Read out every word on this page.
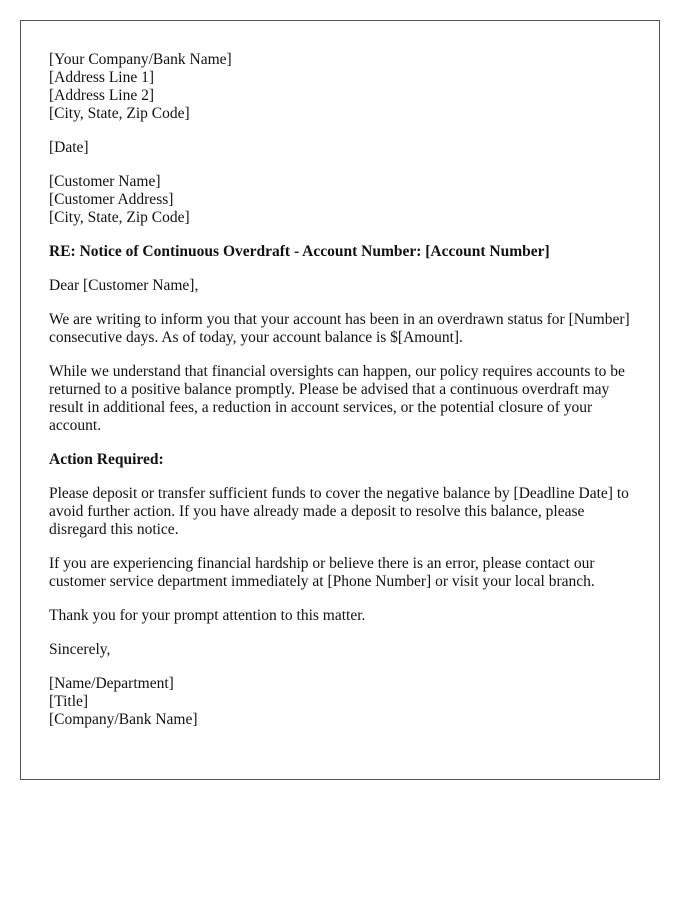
[Your Company/Bank Name]
[Address Line 1]
[Address Line 2]
[City, State, Zip Code]
[Date]
[Customer Name]
[Customer Address]
[City, State, Zip Code]

RE: Notice of Continuous Overdraft - Account Number: [Account Number]

Dear [Customer Name],

We are writing to inform you that your account has been in an overdrawn status for [Number] consecutive days. As of today, your account balance is $[Amount].

While we understand that financial oversights can happen, our policy requires accounts to be returned to a positive balance promptly. Please be advised that a continuous overdraft may result in additional fees, a reduction in account services, or the potential closure of your account.

Action Required:

Please deposit or transfer sufficient funds to cover the negative balance by [Deadline Date] to avoid further action. If you have already made a deposit to resolve this balance, please disregard this notice.

If you are experiencing financial hardship or believe there is an error, please contact our customer service department immediately at [Phone Number] or visit your local branch.

Thank you for your prompt attention to this matter.

Sincerely,

[Name/Department]
[Title]
[Company/Bank Name]
